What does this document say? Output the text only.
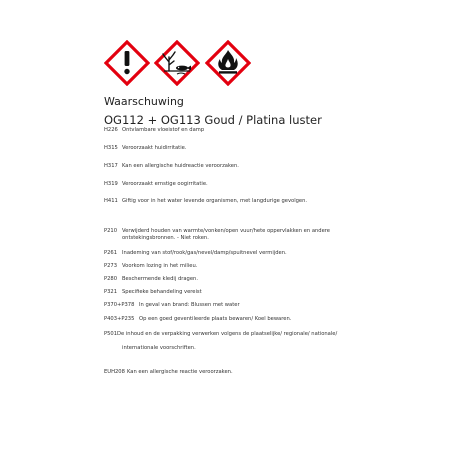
Waarschuwing
OG112 + OG113 Goud / Platina luster
H226 Ontvlambare vloeistof en damp
H315 Veroorzaakt huidirritatie.
H317 Kan een allergische huidreactie veroorzaken.
H319 Veroorzaakt ernstige oogirritatie.
H411 Giftig voor in het water levende organismen, met langdurige gevolgen.
P210 Verwijderd houden van warmte/vonken/open vuur/hete oppervlakken en andere ontstekingsbronnen. - Niet roken.
P261 Inademing van stof/rook/gas/nevel/damp/spuitnevel vermijden.
P273 Voorkom lozing in het milieu.
P280 Beschermende kledij dragen.
P321 Specifieke behandeling vereist
P370+P378 In geval van brand: Blussen met water
P403+P235 Op een goed geventileerde plaats bewaren/ Koel bewaren.
P501 De inhoud en de verpakking verwerken volgens de plaatselijke/ regionale/ nationale/
internationale voorschriften.
EUH208 Kan een allergische reactie veroorzaken.
